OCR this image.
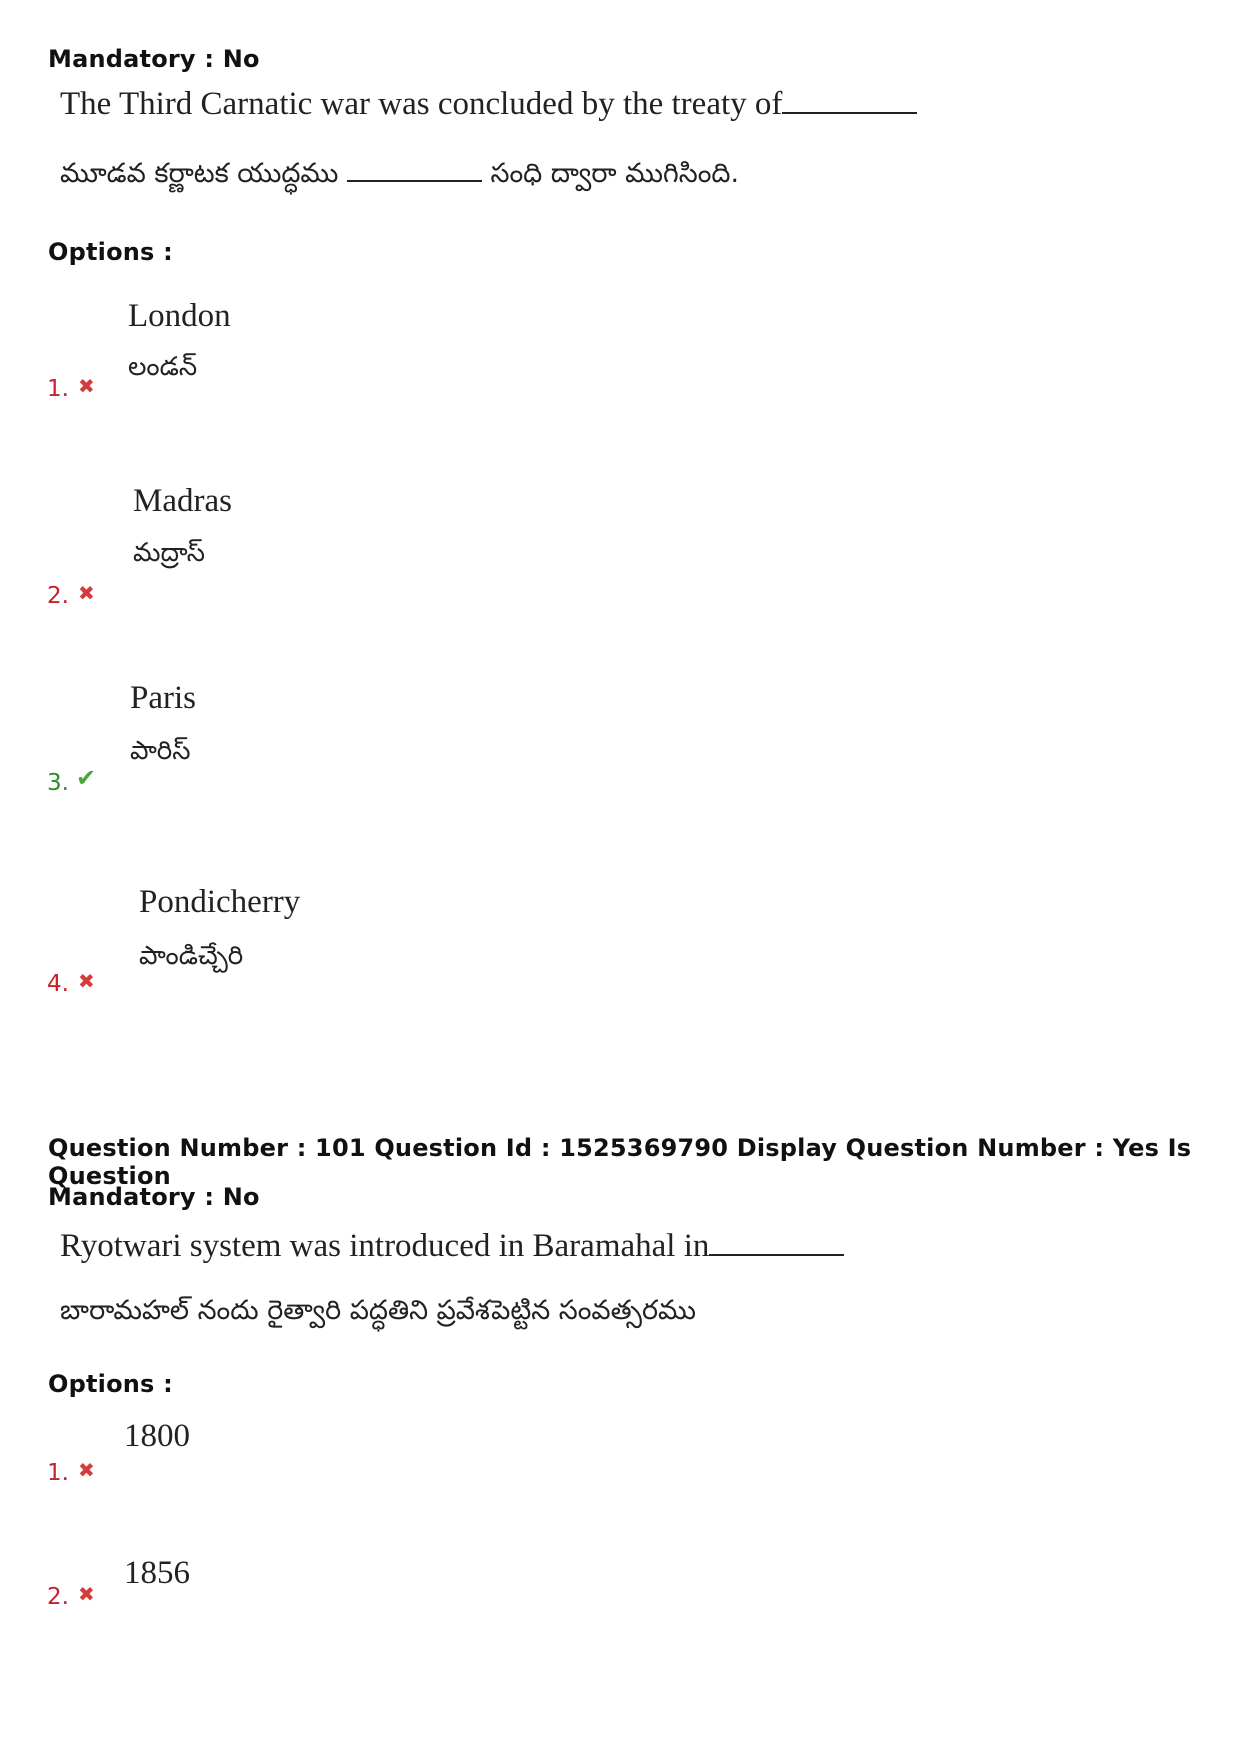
Mandatory : No
The Third Carnatic war was concluded by the treaty of
మూడవ కర్ణాటక యుద్ధము	సంధి ద్వారా ముగిసింది.
Options :
London
లండన్
1. ✖
Madras
మద్రాస్
2. ✖
Paris
పారిస్
3. ✔
Pondicherry
పాండిచ్చేరి
4. ✖
Question Number : 101 Question Id : 1525369790 Display Question Number : Yes Is Question
Mandatory : No
Ryotwari system was introduced in Baramahal in
బారామహల్ నందు రైత్వారి పద్ధతిని ప్రవేశపెట్టిన సంవత్సరము
Options :
1800
1. ✖
1856
2. ✖
